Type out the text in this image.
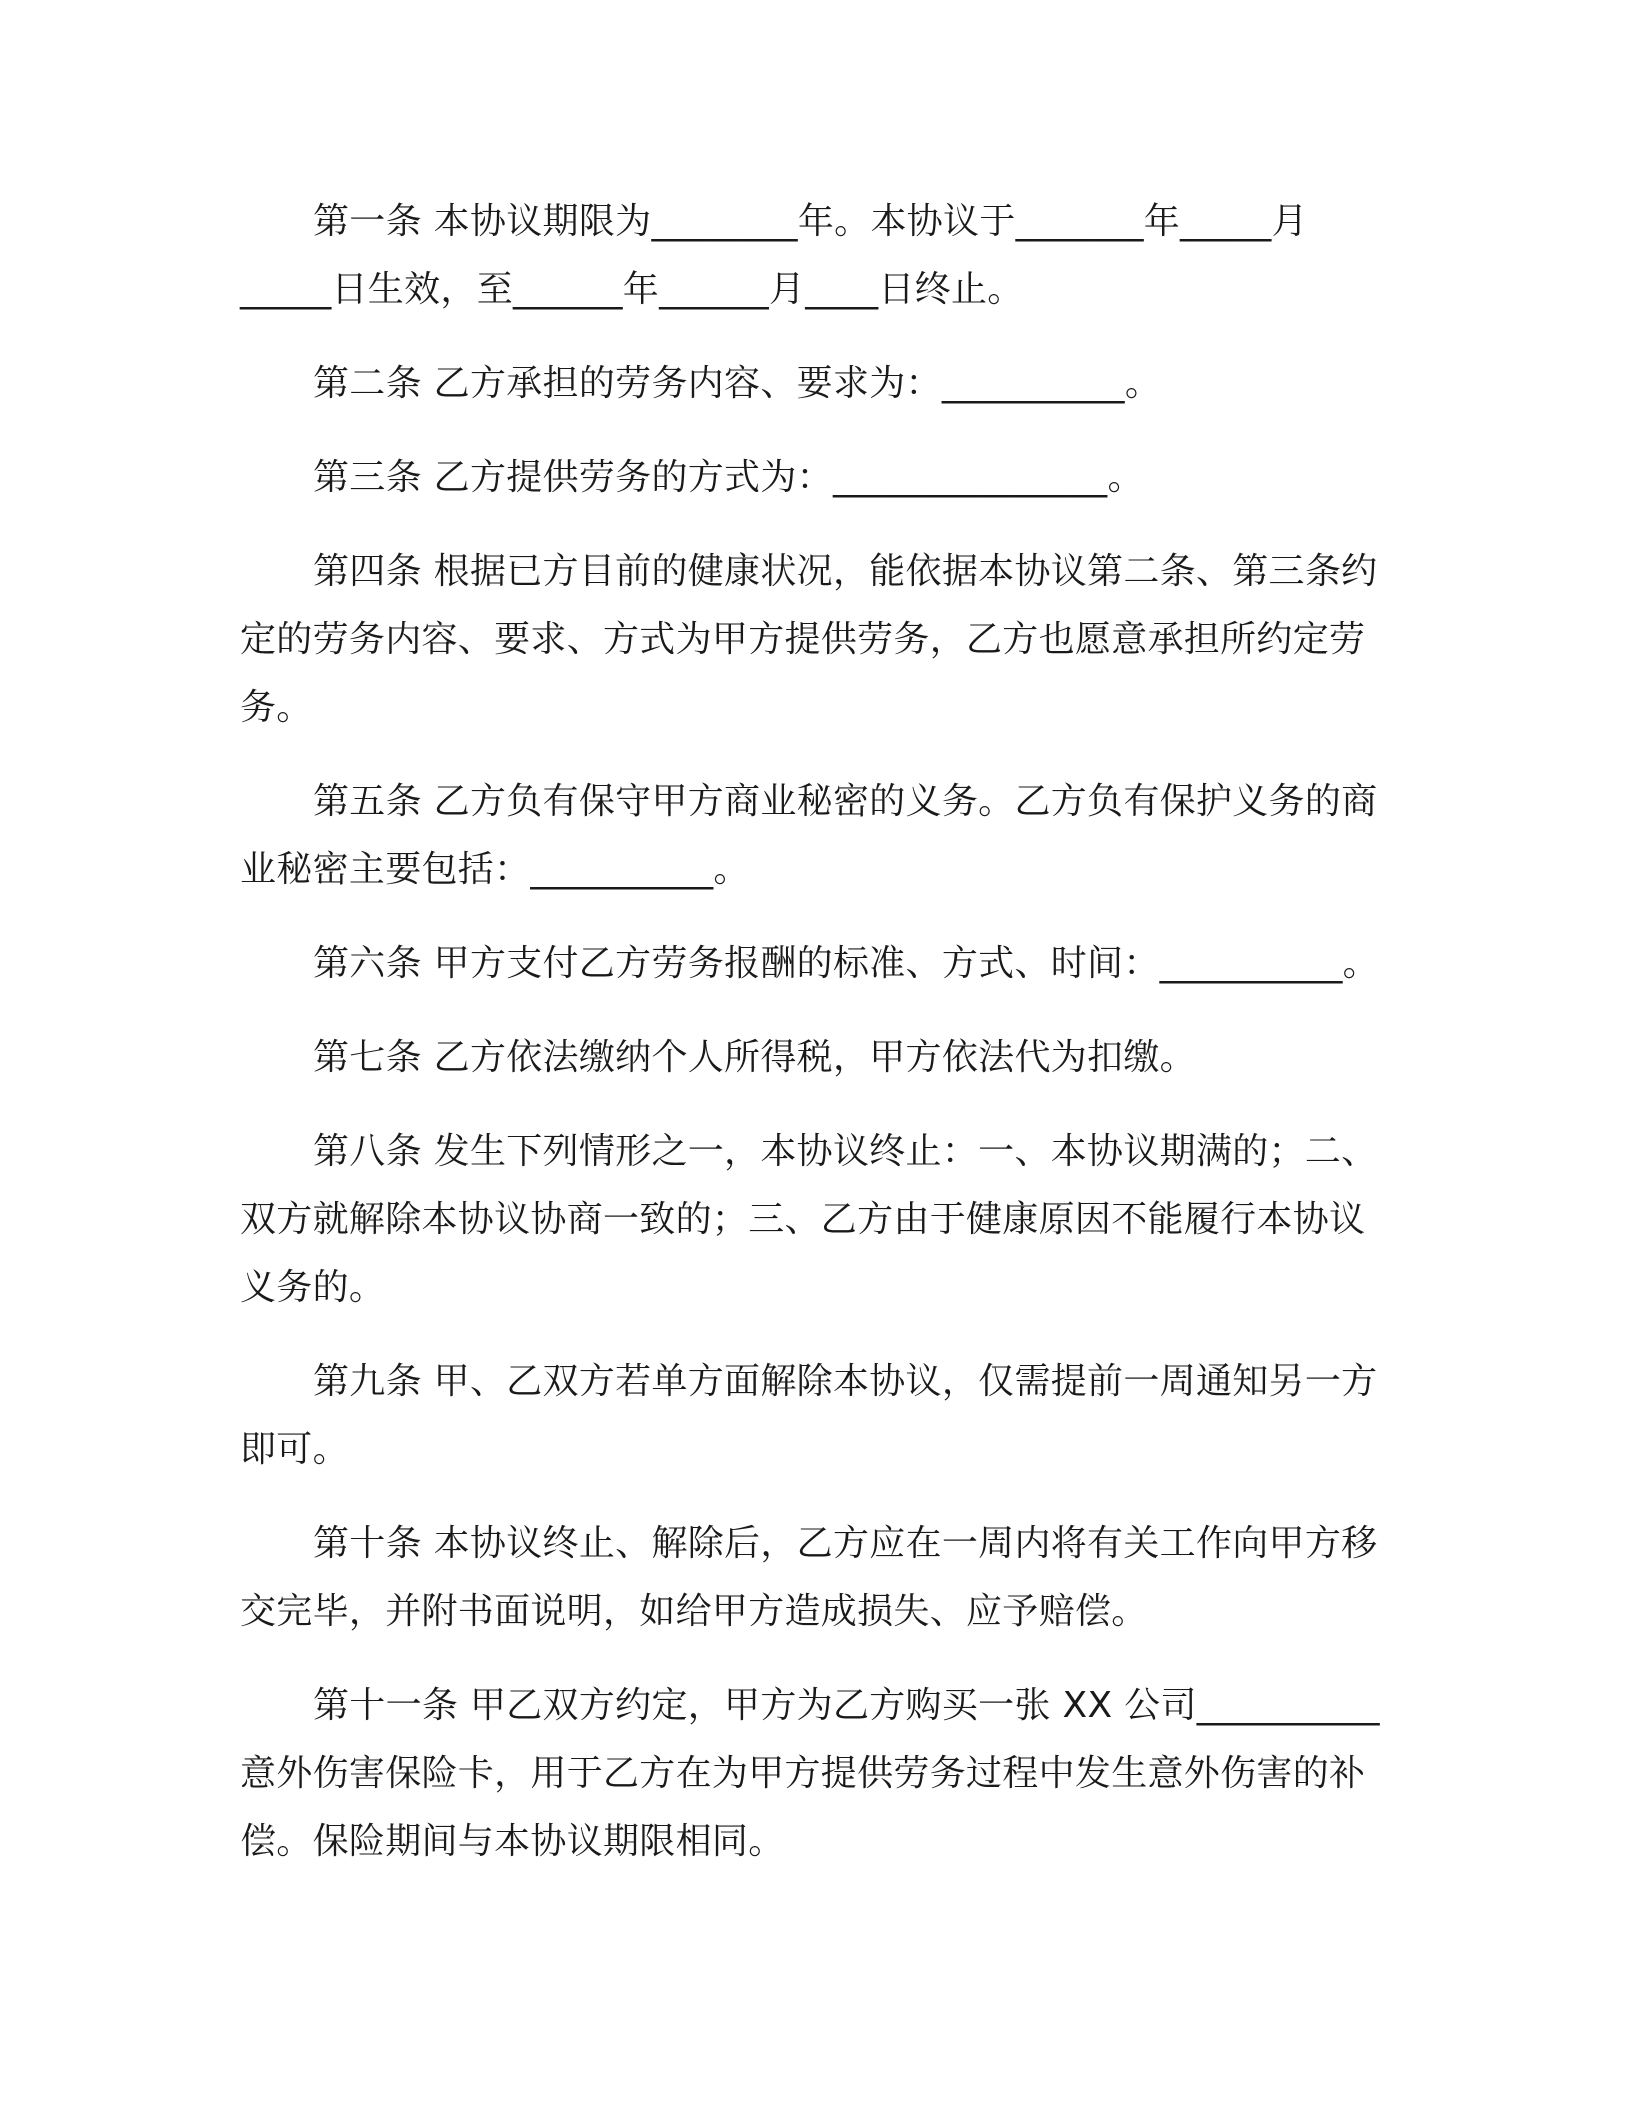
第一条 本协议期限为________年。本协议于_______年_____月_____日生效，至______年______月____日终止。

第二条 乙方承担的劳务内容、要求为：__________。

第三条 乙方提供劳务的方式为：_______________。

第四条 根据已方目前的健康状况，能依据本协议第二条、第三条约定的劳务内容、要求、方式为甲方提供劳务，乙方也愿意承担所约定劳务。

第五条 乙方负有保守甲方商业秘密的义务。乙方负有保护义务的商业秘密主要包括：__________。

第六条 甲方支付乙方劳务报酬的标准、方式、时间：__________。

第七条 乙方依法缴纳个人所得税，甲方依法代为扣缴。

第八条 发生下列情形之一，本协议终止：一、本协议期满的；二、双方就解除本协议协商一致的；三、乙方由于健康原因不能履行本协议义务的。

第九条 甲、乙双方若单方面解除本协议，仅需提前一周通知另一方即可。

第十条 本协议终止、解除后，乙方应在一周内将有关工作向甲方移交完毕，并附书面说明，如给甲方造成损失、应予赔偿。

第十一条 甲乙双方约定，甲方为乙方购买一张 XX 公司__________意外伤害保险卡，用于乙方在为甲方提供劳务过程中发生意外伤害的补偿。保险期间与本协议期限相同。
